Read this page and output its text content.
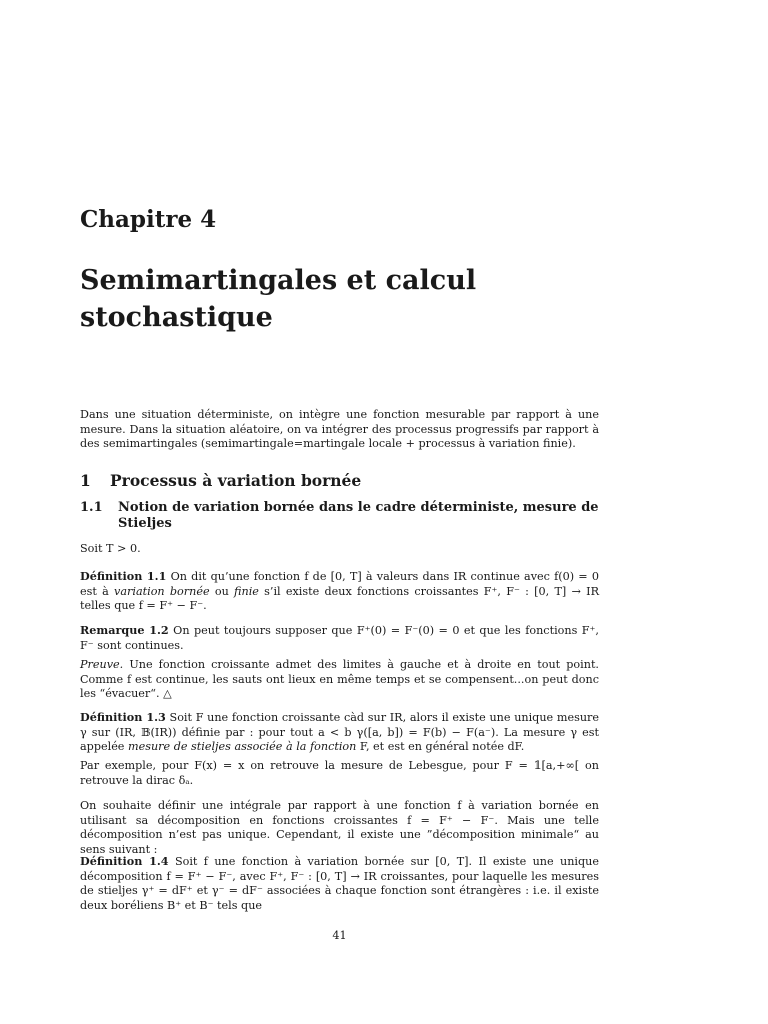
Chapitre 4
Semimartingales et calcul stochastique

Dans une situation déterministe, on intègre une fonction mesurable par rapport à une mesure. Dans la situation aléatoire, on va intégrer des processus progressifs par rapport à des semimartingales (semimartingale=martingale locale + processus à variation finie).

1 Processus à variation bornée
1.1	Notion de variation bornée dans le cadre déterministe, mesure de Stieljes

Soit T > 0.

Définition 1.1 On dit qu’une fonction f de [0, T] à valeurs dans IR continue avec f(0) = 0 est à variation bornée ou finie s’il existe deux fonctions croissantes F⁺, F⁻ : [0, T] → IR telles que f = F⁺ − F⁻.

Remarque 1.2 On peut toujours supposer que F⁺(0) = F⁻(0) = 0 et que les fonctions F⁺, F⁻ sont continues.

Preuve. Une fonction croissante admet des limites à gauche et à droite en tout point. Comme f est continue, les sauts ont lieux en même temps et se compensent...on peut donc les “évacuer“. △

Définition 1.3 Soit F une fonction croissante càd sur IR, alors il existe une unique mesure γ sur (IR, 𝔹(IR)) définie par : pour tout a < b γ([a, b]) = F(b) − F(a⁻). La mesure γ est appelée mesure de stieljes associée à la fonction F, et est en général notée dF.

Par exemple, pour F(x) = x on retrouve la mesure de Lebesgue, pour F = 𝟙[a,+∞[ on retrouve la dirac δₐ.

On souhaite définir une intégrale par rapport à une fonction f à variation bornée en utilisant sa décomposition en fonctions croissantes f = F⁺ − F⁻. Mais une telle décomposition n’est pas unique. Cependant, il existe une ”décomposition minimale“ au sens suivant :

Définition 1.4 Soit f une fonction à variation bornée sur [0, T]. Il existe une unique décomposition f = F⁺ − F⁻, avec F⁺, F⁻ : [0, T] → IR croissantes, pour laquelle les mesures de stieljes γ⁺ = dF⁺ et γ⁻ = dF⁻ associées à chaque fonction sont étrangères : i.e. il existe deux boréliens B⁺ et B⁻ tels que

41
